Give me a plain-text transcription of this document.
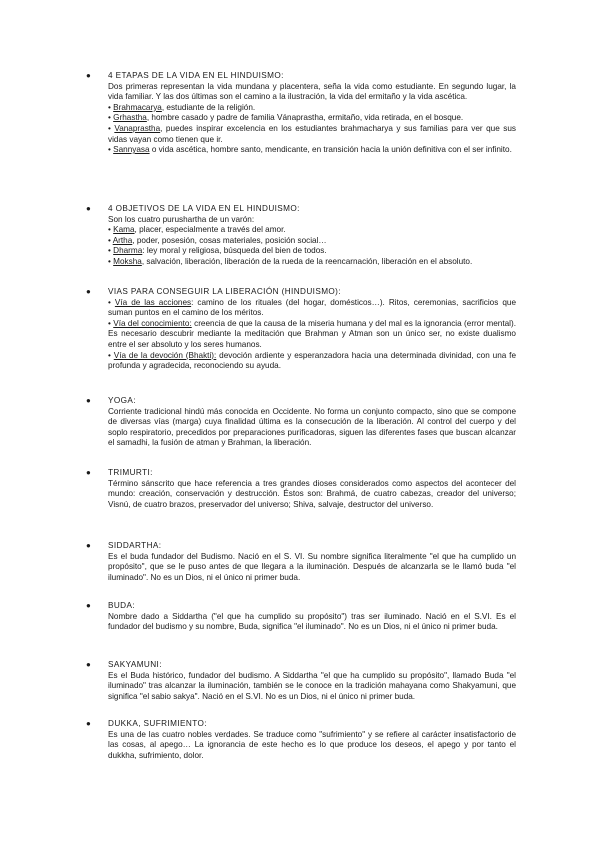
●	4 ETAPAS DE LA VIDA EN EL HINDUISMO:
Dos primeras representan la vida mundana y placentera, seña la vida como estudiante. En segundo lugar, la vida familiar. Y las dos últimas son el camino a la ilustración, la vida del ermitaño y la vida ascética.
• Brahmacarya, estudiante de la religión.
• Grhastha, hombre casado y padre de familia Vánaprastha, ermitaño, vida retirada, en el bosque.
• Vanaprastha, puedes inspirar excelencia en los estudiantes brahmacharya y sus familias para ver que sus vidas vayan como tienen que ir.
• Sannyasa o vida ascética, hombre santo, mendicante, en transición hacia la unión definitiva con el ser infinito.
●	4 OBJETIVOS DE LA VIDA EN EL HINDUISMO:
Son los cuatro purushartha de un varón:
• Kama, placer, especialmente a través del amor.
• Artha, poder, posesión, cosas materiales, posición social…
• Dharma: ley moral y religiosa, búsqueda del bien de todos.
• Moksha, salvación, liberación, liberación de la rueda de la reencarnación, liberación en el absoluto.
●	VIAS PARA CONSEGUIR LA LIBERACIÓN (HINDUISMO):
• Vía de las acciones: camino de los rituales (del hogar, domésticos…). Ritos, ceremonias, sacrificios que suman puntos en el camino de los méritos.
• Vía del conocimiento: creencia de que la causa de la miseria humana y del mal es la ignorancia (error mental). Es necesario descubrir mediante la meditación que Brahman y Atman son un único ser, no existe dualismo entre el ser absoluto y los seres humanos.
• Vía de la devoción (Bhakti): devoción ardiente y esperanzadora hacia una determinada divinidad, con una fe profunda y agradecida, reconociendo su ayuda.
●	YOGA:
Corriente tradicional hindú más conocida en Occidente. No forma un conjunto compacto, sino que se compone de diversas vías (marga) cuya finalidad última es la consecución de la liberación. Al control del cuerpo y del soplo respiratorio, precedidos por preparaciones purificadoras, siguen las diferentes fases que buscan alcanzar el samadhi, la fusión de atman y Brahman, la liberación.
●	TRIMURTI:
Término sánscrito que hace referencia a tres grandes dioses considerados como aspectos del acontecer del mundo: creación, conservación y destrucción. Éstos son: Brahmá, de cuatro cabezas, creador del universo; Visnú, de cuatro brazos, preservador del universo; Shiva, salvaje, destructor del universo.
●	SIDDARTHA:
Es el buda fundador del Budismo. Nació en el S. VI. Su nombre significa literalmente "el que ha cumplido un propósito", que se le puso antes de que llegara a la iluminación. Después de alcanzarla se le llamó buda "el iluminado". No es un Dios, ni el único ni primer buda.
●	BUDA:
Nombre dado a Siddartha ("el que ha cumplido su propósito") tras ser iluminado. Nació en el S.VI. Es el fundador del budismo y su nombre, Buda, significa "el iluminado". No es un Dios, ni el único ni primer buda.
●	SAKYAMUNI:
Es el Buda histórico, fundador del budismo. A Siddartha "el que ha cumplido su propósito", llamado Buda "el iluminado" tras alcanzar la iluminación, también se le conoce en la tradición mahayana como Shakyamuni, que significa "el sabio sakya". Nació en el S.VI. No es un Dios, ni el único ni primer buda.
●	DUKKA, SUFRIMIENTO:
Es una de las cuatro nobles verdades. Se traduce como "sufrimiento" y se refiere al carácter insatisfactorio de las cosas, al apego… La ignorancia de este hecho es lo que produce los deseos, el apego y por tanto el dukkha, sufrimiento, dolor.
